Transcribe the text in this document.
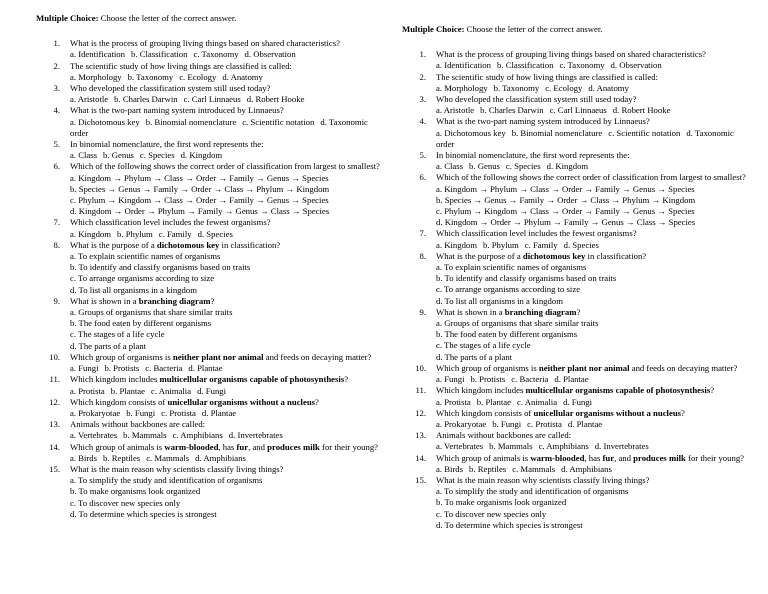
Multiple Choice: Choose the letter of the correct answer.
1. What is the process of grouping living things based on shared characteristics?
a. Identification b. Classification c. Taxonomy d. Observation
2. The scientific study of how living things are classified is called:
a. Morphology b. Taxonomy c. Ecology d. Anatomy
3. Who developed the classification system still used today?
a. Aristotle b. Charles Darwin c. Carl Linnaeus d. Robert Hooke
4. What is the two-part naming system introduced by Linnaeus?
a. Dichotomous key b. Binomial nomenclature c. Scientific notation d. Taxonomic order
5. In binomial nomenclature, the first word represents the:
a. Class b. Genus c. Species d. Kingdom
6. Which of the following shows the correct order of classification from largest to smallest?
a. Kingdom → Phylum → Class → Order → Family → Genus → Species
b. Species → Genus → Family → Order → Class → Phylum → Kingdom
c. Phylum → Kingdom → Class → Order → Family → Genus → Species
d. Kingdom → Order → Phylum → Family → Genus → Class → Species
7. Which classification level includes the fewest organisms?
a. Kingdom b. Phylum c. Family d. Species
8. What is the purpose of a dichotomous key in classification?
a. To explain scientific names of organisms
b. To identify and classify organisms based on traits
c. To arrange organisms according to size
d. To list all organisms in a kingdom
9. What is shown in a branching diagram?
a. Groups of organisms that share similar traits
b. The food eaten by different organisms
c. The stages of a life cycle
d. The parts of a plant
10. Which group of organisms is neither plant nor animal and feeds on decaying matter?
a. Fungi b. Protists c. Bacteria d. Plantae
11. Which kingdom includes multicellular organisms capable of photosynthesis?
a. Protista b. Plantae c. Animalia d. Fungi
12. Which kingdom consists of unicellular organisms without a nucleus?
a. Prokaryotae b. Fungi c. Protista d. Plantae
13. Animals without backbones are called:
a. Vertebrates b. Mammals c. Amphibians d. Invertebrates
14. Which group of animals is warm-blooded, has fur, and produces milk for their young?
a. Birds b. Reptiles c. Mammals d. Amphibians
15. What is the main reason why scientists classify living things?
a. To simplify the study and identification of organisms
b. To make organisms look organized
c. To discover new species only
d. To determine which species is strongest
Multiple Choice: Choose the letter of the correct answer.
1. What is the process of grouping living things based on shared characteristics?
a. Identification b. Classification c. Taxonomy d. Observation
2. The scientific study of how living things are classified is called:
a. Morphology b. Taxonomy c. Ecology d. Anatomy
3. Who developed the classification system still used today?
a. Aristotle b. Charles Darwin c. Carl Linnaeus d. Robert Hooke
4. What is the two-part naming system introduced by Linnaeus?
a. Dichotomous key b. Binomial nomenclature c. Scientific notation d. Taxonomic order
5. In binomial nomenclature, the first word represents the:
a. Class b. Genus c. Species d. Kingdom
6. Which of the following shows the correct order of classification from largest to smallest?
a. Kingdom → Phylum → Class → Order → Family → Genus → Species
b. Species → Genus → Family → Order → Class → Phylum → Kingdom
c. Phylum → Kingdom → Class → Order → Family → Genus → Species
d. Kingdom → Order → Phylum → Family → Genus → Class → Species
7. Which classification level includes the fewest organisms?
a. Kingdom b. Phylum c. Family d. Species
8. What is the purpose of a dichotomous key in classification?
a. To explain scientific names of organisms
b. To identify and classify organisms based on traits
c. To arrange organisms according to size
d. To list all organisms in a kingdom
9. What is shown in a branching diagram?
a. Groups of organisms that share similar traits
b. The food eaten by different organisms
c. The stages of a life cycle
d. The parts of a plant
10. Which group of organisms is neither plant nor animal and feeds on decaying matter?
a. Fungi b. Protists c. Bacteria d. Plantae
11. Which kingdom includes multicellular organisms capable of photosynthesis?
a. Protista b. Plantae c. Animalia d. Fungi
12. Which kingdom consists of unicellular organisms without a nucleus?
a. Prokaryotae b. Fungi c. Protista d. Plantae
13. Animals without backbones are called:
a. Vertebrates b. Mammals c. Amphibians d. Invertebrates
14. Which group of animals is warm-blooded, has fur, and produces milk for their young?
a. Birds b. Reptiles c. Mammals d. Amphibians
15. What is the main reason why scientists classify living things?
a. To simplify the study and identification of organisms
b. To make organisms look organized
c. To discover new species only
d. To determine which species is strongest
